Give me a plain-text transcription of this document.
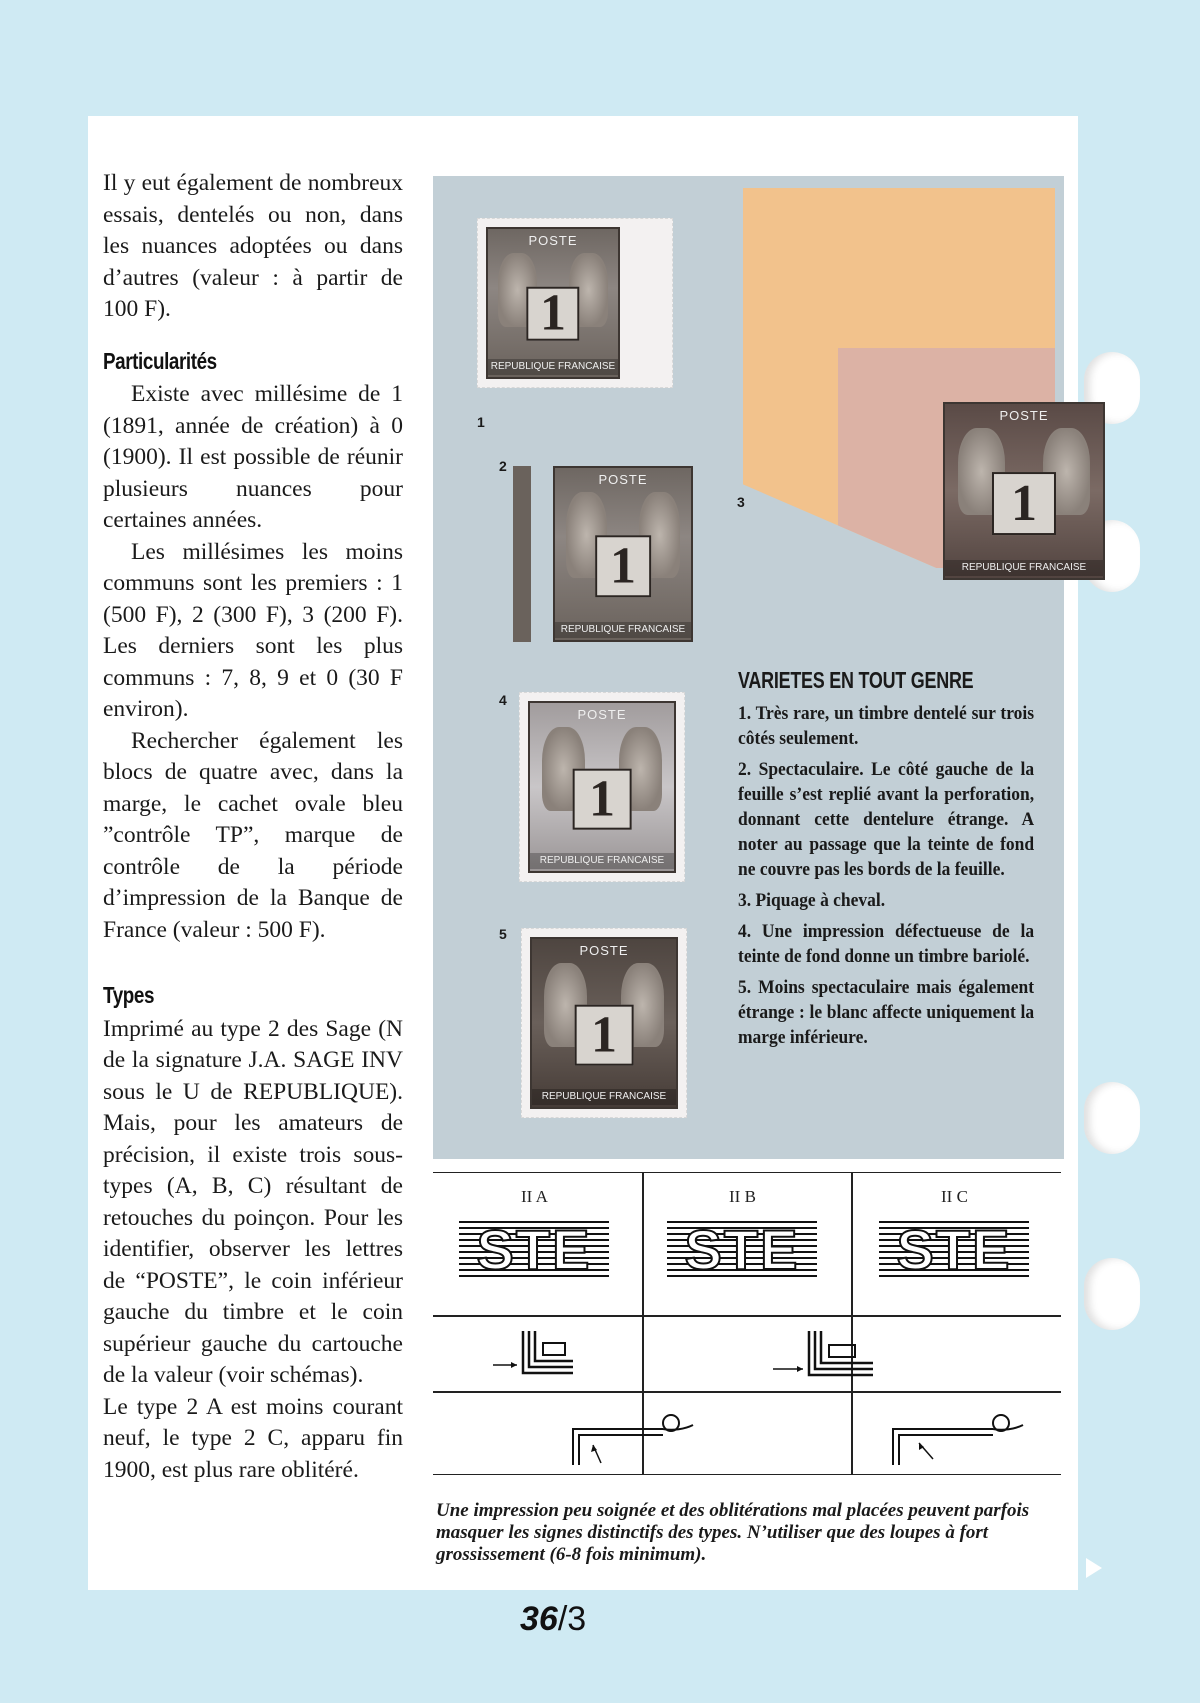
Il y eut également de nombreux essais, dentelés ou non, dans les nuances adoptées ou dans d’autres (valeur : à partir de 100 F).

Particularités

Existe avec millésime de 1 (1891, année de création) à 0 (1900). Il est possible de réunir plusieurs nuances pour certaines années.

Les millésimes les moins communs sont les premiers : 1 (500 F), 2 (300 F), 3 (200 F). Les derniers sont les plus communs : 7, 8, 9 et 0 (30 F environ).

Rechercher également les blocs de quatre avec, dans la marge, le cachet ovale bleu ”contrôle TP”, marque de contrôle de la période d’impression de la Banque de France (valeur : 500 F).

Types

Imprimé au type 2 des Sage (N de la signature J.A. SAGE INV sous le U de REPUBLIQUE). Mais, pour les amateurs de précision, il existe trois sous-types (A, B, C) résultant de retouches du poinçon. Pour les identifier, observer les lettres de “POSTE”, le coin inférieur gauche du timbre et le coin supérieur gauche du cartouche de la valeur (voir schémas).

Le type 2 A est moins courant neuf, le type 2 C, apparu fin 1900, est plus rare oblitéré.

POSTE
1
REPUBLIQUE FRANCAISE
1
POSTE
1
REPUBLIQUE FRANCAISE
2
POSTE
1
REPUBLIQUE FRANCAISE
3
POSTE
1
REPUBLIQUE FRANCAISE
4
POSTE
1
REPUBLIQUE FRANCAISE
5
VARIETES EN TOUT GENRE

1. Très rare, un timbre dentelé sur trois côtés seulement.

2. Spectaculaire. Le côté gauche de la feuille s’est replié avant la perforation, donnant cette dentelure étrange. A noter au passage que la teinte de fond ne couvre pas les bords de la feuille.

3. Piquage à cheval.

4. Une impression défectueuse de la teinte de fond donne un timbre bariolé.

5. Moins spectaculaire mais également étrange : le blanc affecte uniquement la marge inférieure.

II A	II B	II C
STE	STE	STE
Une impression peu soignée et des oblitérations mal placées peuvent parfois masquer les signes distinctifs des types. N’utiliser que des loupes à fort grossissement (6-8 fois minimum).
36/3
